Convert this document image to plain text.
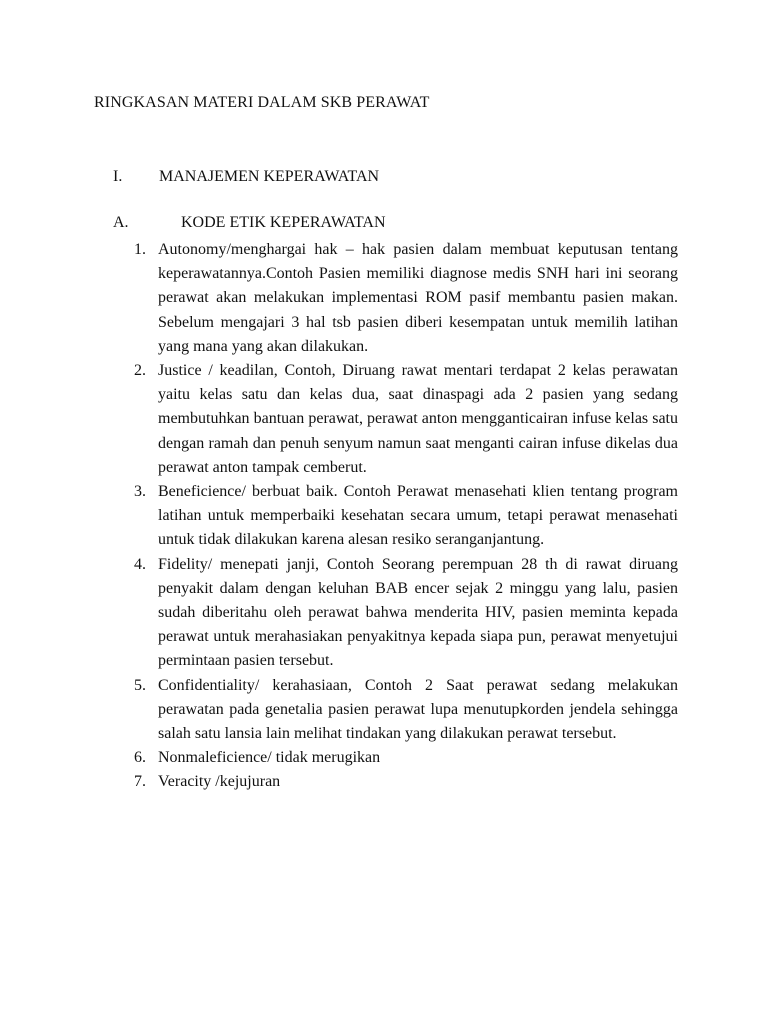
RINGKASAN MATERI DALAM SKB PERAWAT
I. MANAJEMEN KEPERAWATAN
A.	KODE ETIK KEPERAWATAN
1. Autonomy/menghargai hak – hak pasien dalam membuat keputusan tentang keperawatannya.Contoh Pasien memiliki diagnose medis SNH hari ini seorang perawat akan melakukan implementasi ROM pasif membantu pasien makan. Sebelum mengajari 3 hal tsb pasien diberi kesempatan untuk memilih latihan yang mana yang akan dilakukan.
2. Justice / keadilan, Contoh, Diruang rawat mentari terdapat 2 kelas perawatan yaitu kelas satu dan kelas dua, saat dinaspagi ada 2 pasien yang sedang membutuhkan bantuan perawat, perawat anton mengganticairan infuse kelas satu dengan ramah dan penuh senyum namun saat menganti cairan infuse dikelas dua perawat anton tampak cemberut.
3. Beneficience/ berbuat baik. Contoh Perawat menasehati klien tentang program latihan untuk memperbaiki kesehatan secara umum, tetapi perawat menasehati untuk tidak dilakukan karena alesan resiko seranganjantung.
4. Fidelity/ menepati janji, Contoh Seorang perempuan 28 th di rawat diruang penyakit dalam dengan keluhan BAB encer sejak 2 minggu yang lalu, pasien sudah diberitahu oleh perawat bahwa menderita HIV, pasien meminta kepada perawat untuk merahasiakan penyakitnya kepada siapa pun, perawat menyetujui permintaan pasien tersebut.
5. Confidentiality/ kerahasiaan, Contoh 2 Saat perawat sedang melakukan perawatan pada genetalia pasien perawat lupa menutupkorden jendela sehingga salah satu lansia lain melihat tindakan yang dilakukan perawat tersebut.
6. Nonmaleficience/ tidak merugikan
7. Veracity /kejujuran
